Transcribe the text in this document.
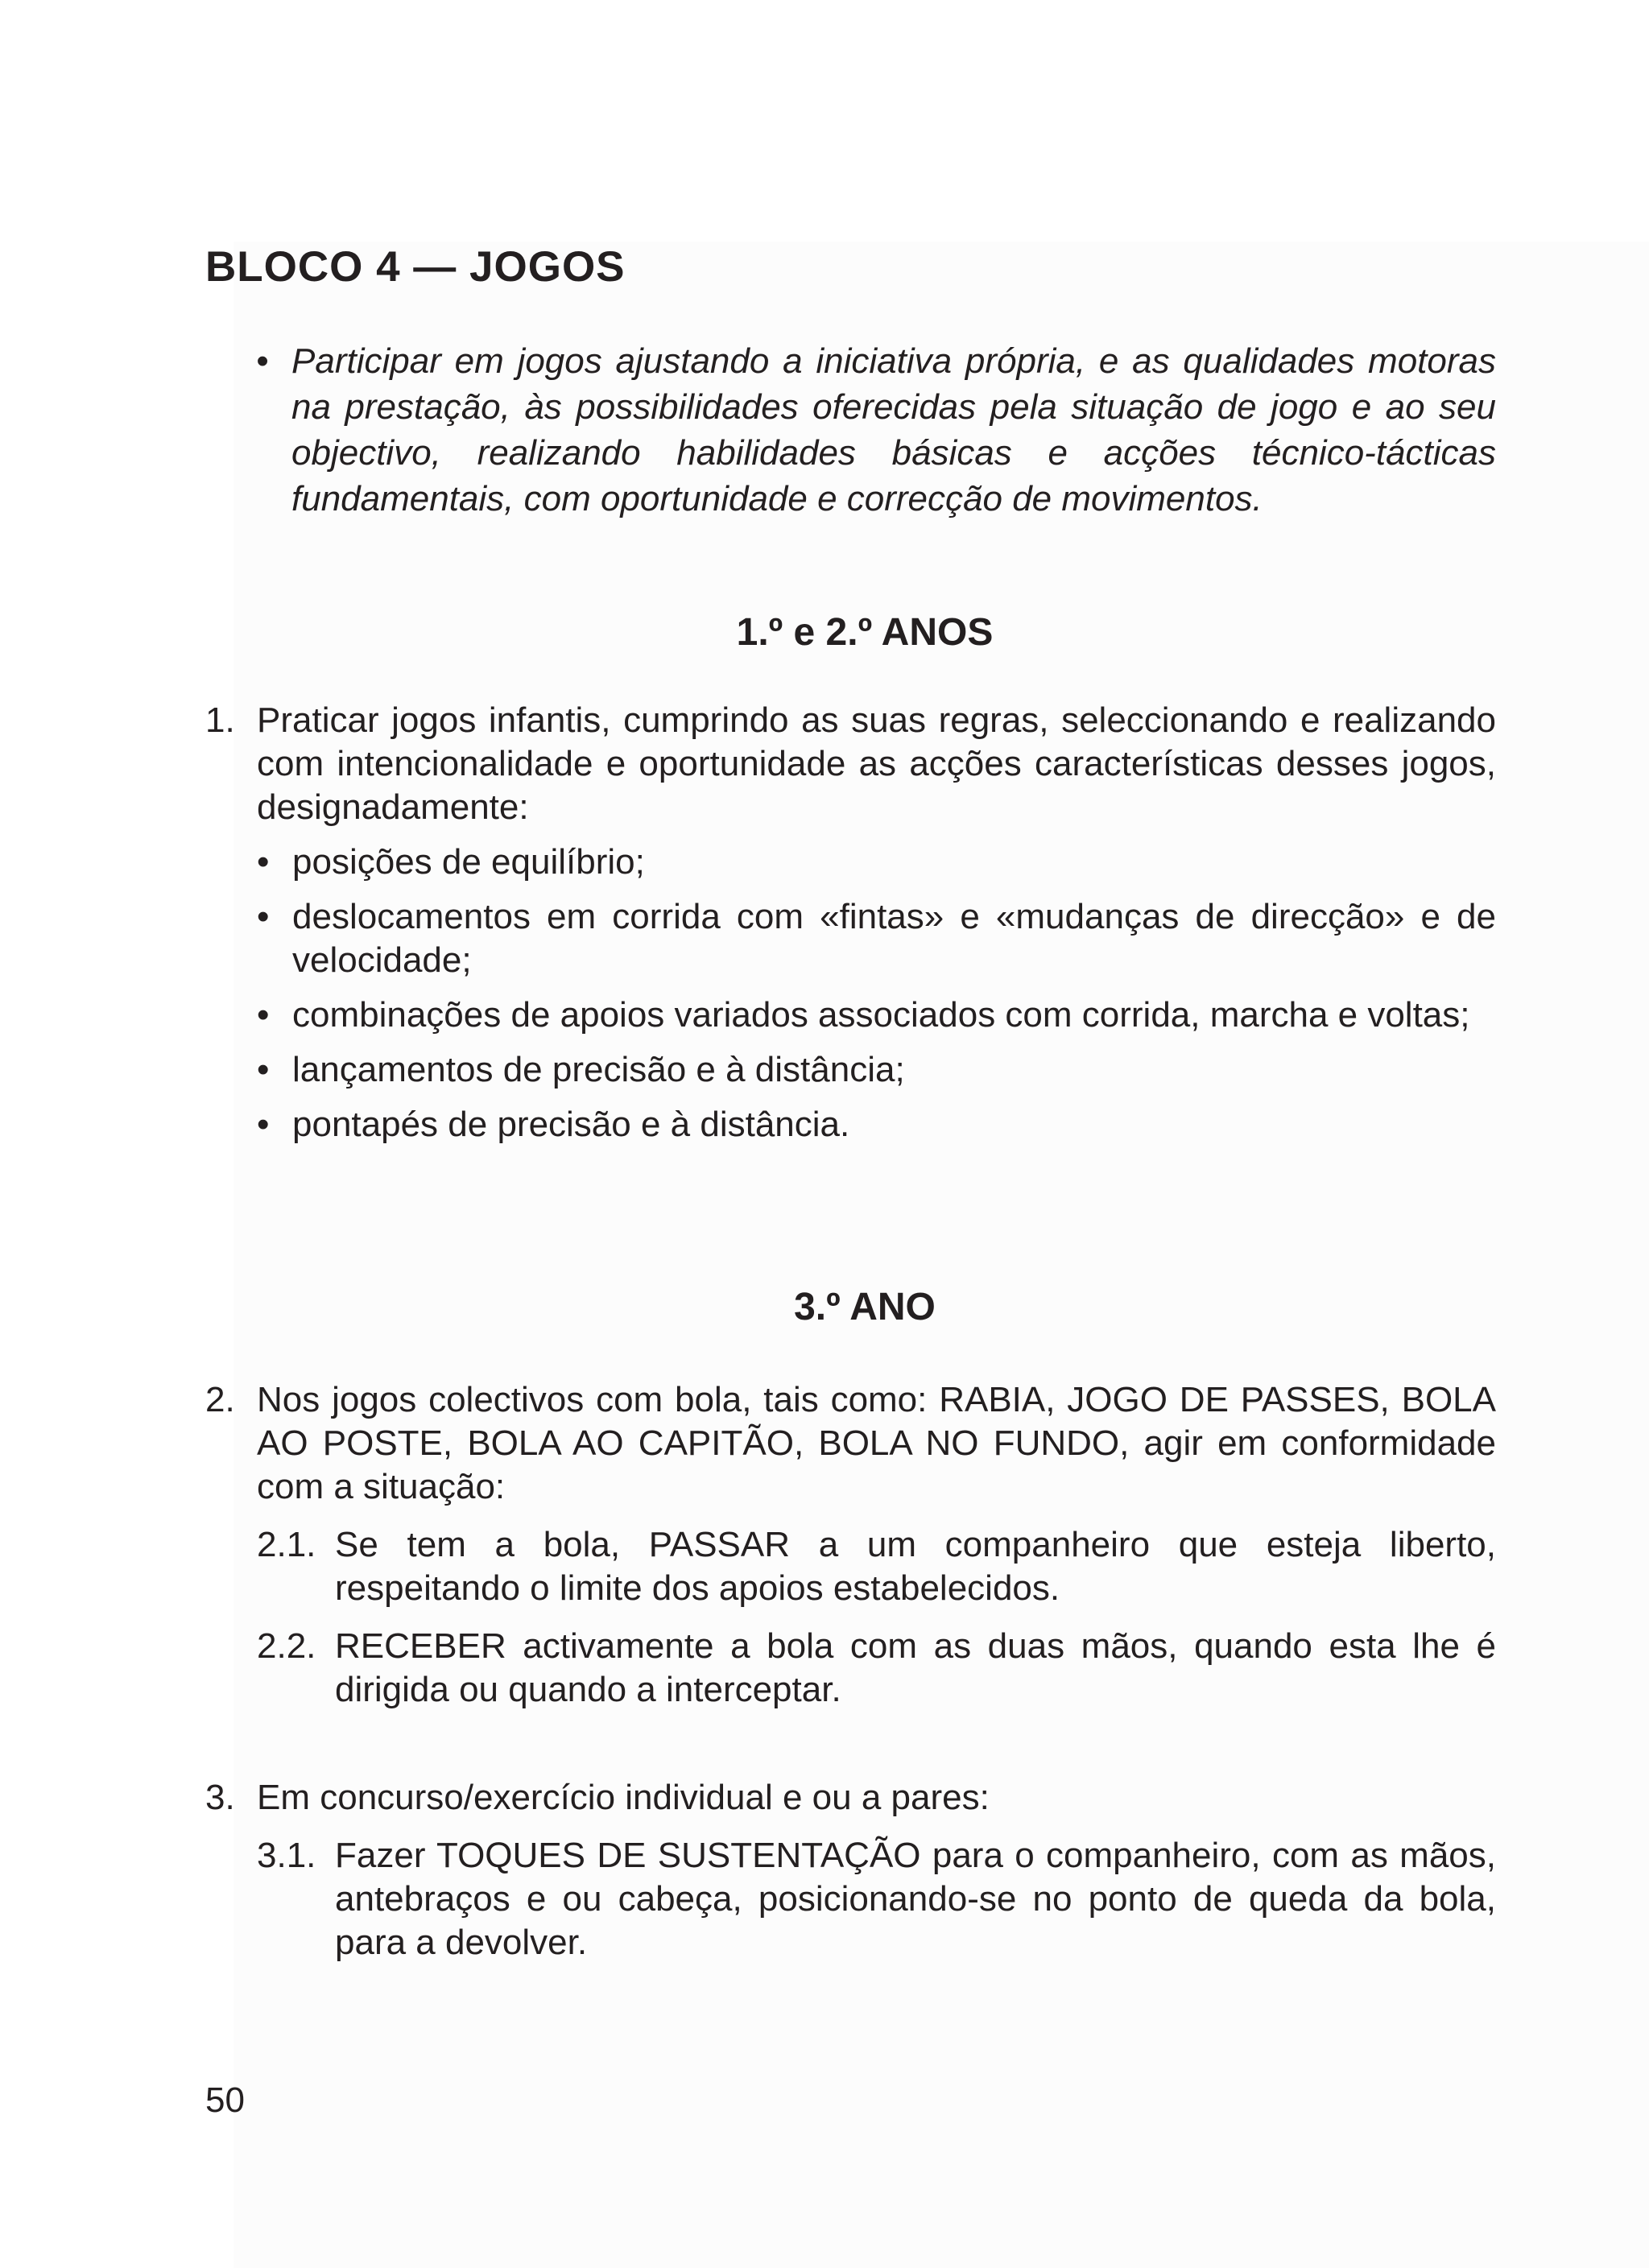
BLOCO 4 — JOGOS
• Participar em jogos ajustando a iniciativa própria, e as qualidades motoras na prestação, às possibilidades oferecidas pela situação de jogo e ao seu objectivo, realizando habilidades básicas e acções técnico-tácticas fundamentais, com oportunidade e correcção de movimentos.
1.º e 2.º ANOS
1. Praticar jogos infantis, cumprindo as suas regras, seleccionando e realizando com intencionalidade e oportunidade as acções características desses jogos, designadamente:
• posições de equilíbrio;
• deslocamentos em corrida com «fintas» e «mudanças de direcção» e de velocidade;
• combinações de apoios variados associados com corrida, marcha e voltas;
• lançamentos de precisão e à distância;
• pontapés de precisão e à distância.
3.º ANO
2. Nos jogos colectivos com bola, tais como: RABIA, JOGO DE PASSES, BOLA AO POSTE, BOLA AO CAPITÃO, BOLA NO FUNDO, agir em conformidade com a situação:
2.1. Se tem a bola, PASSAR a um companheiro que esteja liberto, respeitando o limite dos apoios estabelecidos.
2.2. RECEBER activamente a bola com as duas mãos, quando esta lhe é dirigida ou quando a interceptar.
3. Em concurso/exercício individual e ou a pares:
3.1. Fazer TOQUES DE SUSTENTAÇÃO para o companheiro, com as mãos, antebraços e ou cabeça, posicionando-se no ponto de queda da bola, para a devolver.
50
